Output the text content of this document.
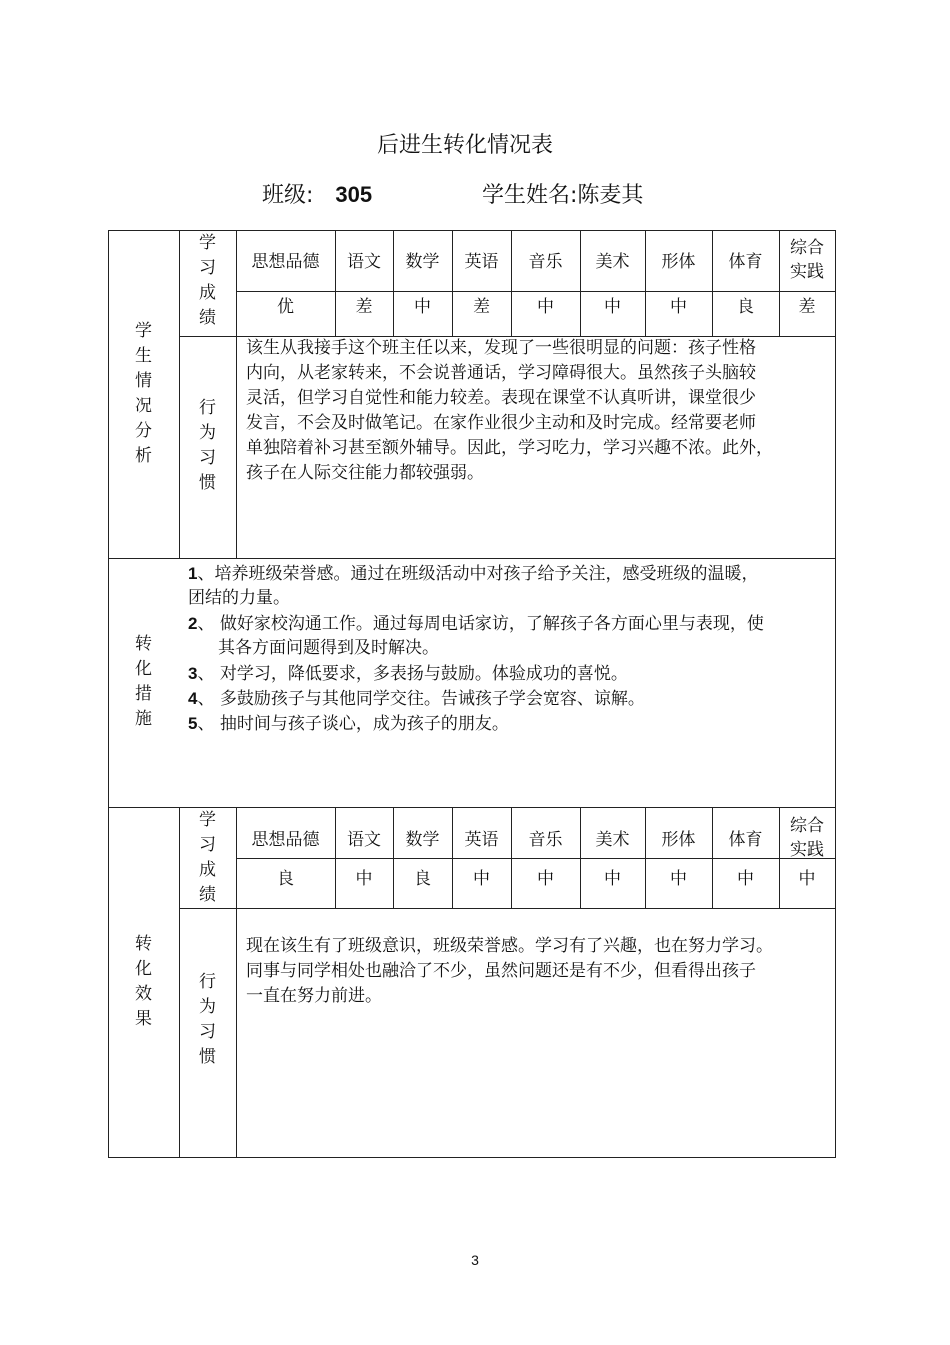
后进生转化情况表
班级: 305	学生姓名:陈麦其
学
生
情
况
分
析
转
化
措
施
转
化
效
果
学
习
成
绩
行
为
习
惯
学
习
成
绩
行
为
习
惯
思想品德
优
语文
差
数学
中
英语
差
音乐
中
美术
中
形体
中
体育
良
综合
实践
差
思想品德
良
语文
中
数学
良
英语
中
音乐
中
美术
中
形体
中
体育
中
综合
实践
中
该生从我接手这个班主任以来，发现了一些很明显的问题：孩子性格
内向，从老家转来，不会说普通话，学习障碍很大。虽然孩子头脑较
灵活，但学习自觉性和能力较差。表现在课堂不认真听讲，课堂很少
发言，不会及时做笔记。在家作业很少主动和及时完成。经常要老师
单独陪着补习甚至额外辅导。因此，学习吃力，学习兴趣不浓。此外，
孩子在人际交往能力都较强弱。
现在该生有了班级意识，班级荣誉感。学习有了兴趣，也在努力学习。
同事与同学相处也融洽了不少，虽然问题还是有不少，但看得出孩子
一直在努力前进。
1、培养班级荣誉感。通过在班级活动中对孩子给予关注，感受班级的温暖，
团结的力量。
2、 做好家校沟通工作。通过每周电话家访，了解孩子各方面心里与表现，使
其各方面问题得到及时解决。
3、 对学习，降低要求，多表扬与鼓励。体验成功的喜悦。
4、 多鼓励孩子与其他同学交往。告诫孩子学会宽容、谅解。
5、 抽时间与孩子谈心，成为孩子的朋友。
3
